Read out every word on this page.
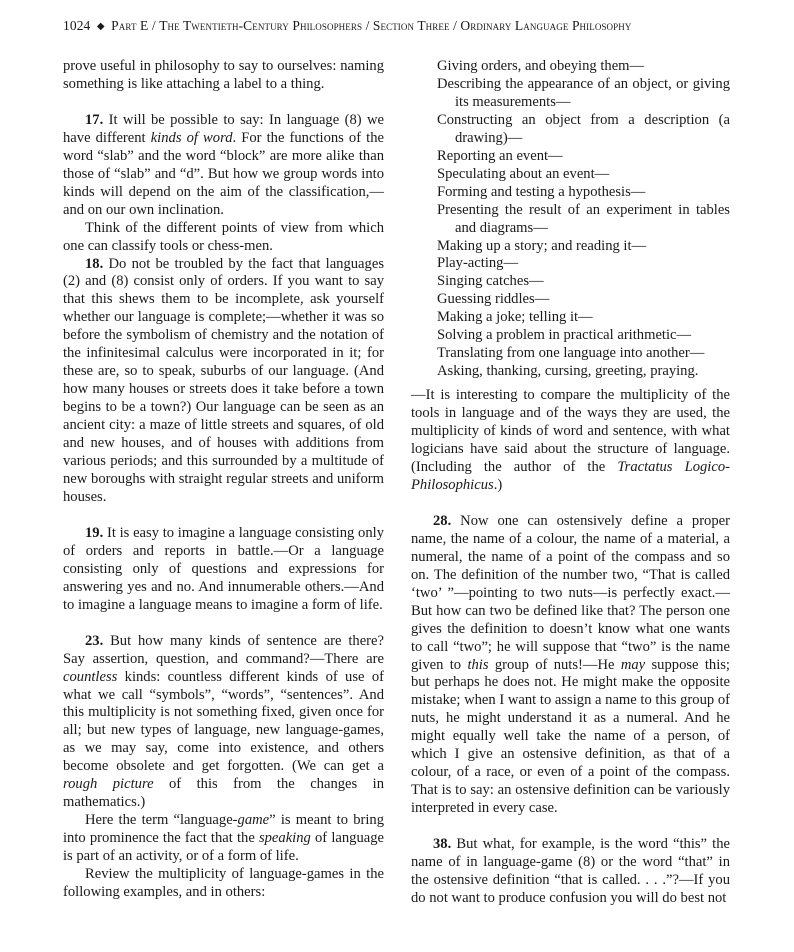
1024 ◆ Part E / The Twentieth-Century Philosophers / Section Three / Ordinary Language Philosophy

prove useful in philosophy to say to ourselves: naming something is like attaching a label to a thing.

17. It will be possible to say: In language (8) we have different kinds of word. For the functions of the word “slab” and the word “block” are more alike than those of “slab” and “d”. But how we group words into kinds will depend on the aim of the classification,—and on our own inclination.

Think of the different points of view from which one can classify tools or chess-men.

18. Do not be troubled by the fact that languages (2) and (8) consist only of orders. If you want to say that this shews them to be incomplete, ask yourself whether our language is complete;—whether it was so before the symbolism of chemistry and the notation of the infinitesimal calculus were incorporated in it; for these are, so to speak, suburbs of our language. (And how many houses or streets does it take before a town begins to be a town?) Our language can be seen as an ancient city: a maze of little streets and squares, of old and new houses, and of houses with additions from various periods; and this surrounded by a multitude of new boroughs with straight regular streets and uniform houses.

19. It is easy to imagine a language consisting only of orders and reports in battle.—Or a language consisting only of questions and expressions for answering yes and no. And innumerable others.—And to imagine a language means to imagine a form of life.

23. But how many kinds of sentence are there? Say assertion, question, and command?—There are countless kinds: countless different kinds of use of what we call “symbols”, “words”, “sentences”. And this multiplicity is not something fixed, given once for all; but new types of language, new language-games, as we may say, come into existence, and others become obsolete and get forgotten. (We can get a rough picture of this from the changes in mathematics.)

Here the term “language-game” is meant to bring into prominence the fact that the speaking of language is part of an activity, or of a form of life.

Review the multiplicity of language-games in the following examples, and in others:

Giving orders, and obeying them—
Describing the appearance of an object, or giving its measurements—
Constructing an object from a description (a drawing)—
Reporting an event—
Speculating about an event—
Forming and testing a hypothesis—
Presenting the result of an experiment in tables and diagrams—
Making up a story; and reading it—
Play-acting—
Singing catches—
Guessing riddles—
Making a joke; telling it—
Solving a problem in practical arithmetic—
Translating from one language into another—
Asking, thanking, cursing, greeting, praying.

—It is interesting to compare the multiplicity of the tools in language and of the ways they are used, the multiplicity of kinds of word and sentence, with what logicians have said about the structure of language. (Including the author of the Tractatus Logico-Philosophicus.)

28. Now one can ostensively define a proper name, the name of a colour, the name of a material, a numeral, the name of a point of the compass and so on. The definition of the number two, “That is called ‘two’ ”—pointing to two nuts—is perfectly exact.—But how can two be defined like that? The person one gives the definition to doesn’t know what one wants to call “two”; he will suppose that “two” is the name given to this group of nuts!—He may suppose this; but perhaps he does not. He might make the opposite mistake; when I want to assign a name to this group of nuts, he might understand it as a numeral. And he might equally well take the name of a person, of which I give an ostensive definition, as that of a colour, of a race, or even of a point of the compass. That is to say: an ostensive definition can be variously interpreted in every case.

38. But what, for example, is the word “this” the name of in language-game (8) or the word “that” in the ostensive definition “that is called. . . .”?—If you do not want to produce confusion you will do best not
